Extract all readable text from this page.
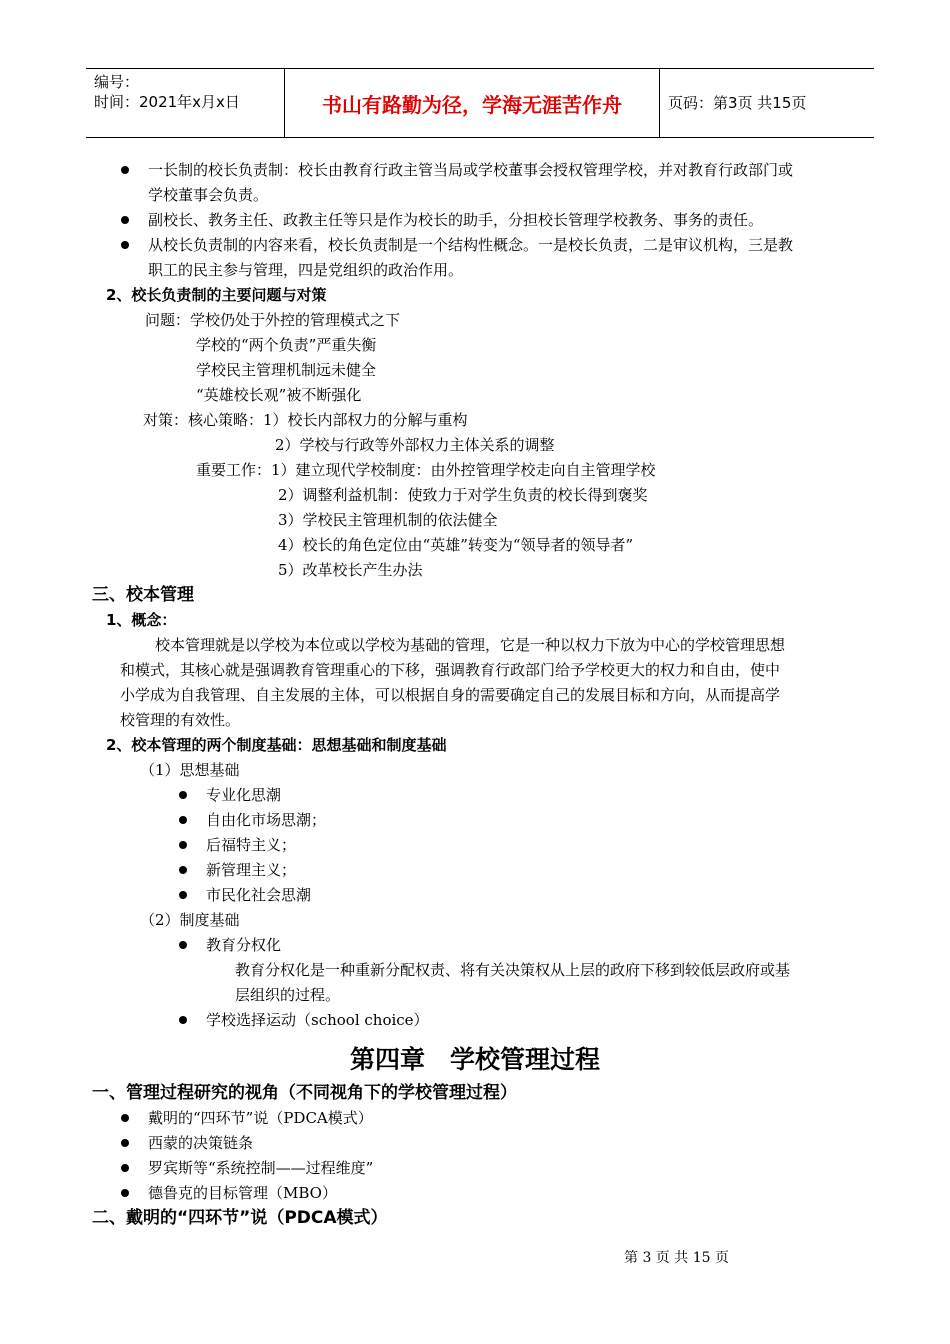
编号：
时间：2021年x月x日	书山有路勤为径，学海无涯苦作舟	页码：第3页 共15页
一长制的校长负责制：校长由教育行政主管当局或学校董事会授权管理学校，并对教育行政部门或
学校董事会负责。
副校长、教务主任、政教主任等只是作为校长的助手，分担校长管理学校教务、事务的责任。
从校长负责制的内容来看，校长负责制是一个结构性概念。一是校长负责，二是审议机构，三是教
职工的民主参与管理，四是党组织的政治作用。
2、校长负责制的主要问题与对策
问题：学校仍处于外控的管理模式之下
学校的“两个负责”严重失衡
学校民主管理机制远未健全
“英雄校长观”被不断强化
对策：核心策略：1）校长内部权力的分解与重构
2）学校与行政等外部权力主体关系的调整
重要工作：1）建立现代学校制度：由外控管理学校走向自主管理学校
2）调整利益机制：使致力于对学生负责的校长得到褒奖
3）学校民主管理机制的依法健全
4）校长的角色定位由“英雄”转变为“领导者的领导者”
5）改革校长产生办法
三、校本管理
1、概念：
校本管理就是以学校为本位或以学校为基础的管理，它是一种以权力下放为中心的学校管理思想
和模式，其核心就是强调教育管理重心的下移，强调教育行政部门给予学校更大的权力和自由，使中
小学成为自我管理、自主发展的主体，可以根据自身的需要确定自己的发展目标和方向，从而提高学
校管理的有效性。
2、校本管理的两个制度基础：思想基础和制度基础
（1）思想基础
专业化思潮
自由化市场思潮；
后福特主义；
新管理主义；
市民化社会思潮
（2）制度基础
教育分权化
教育分权化是一种重新分配权责、将有关决策权从上层的政府下移到较低层政府或基
层组织的过程。
学校选择运动（school choice）
第四章　学校管理过程
一、管理过程研究的视角（不同视角下的学校管理过程）
戴明的“四环节”说（PDCA模式）
西蒙的决策链条
罗宾斯等“系统控制——过程维度”
德鲁克的目标管理（MBO）
二、戴明的“四环节”说（PDCA模式）
第 3 页 共 15 页
